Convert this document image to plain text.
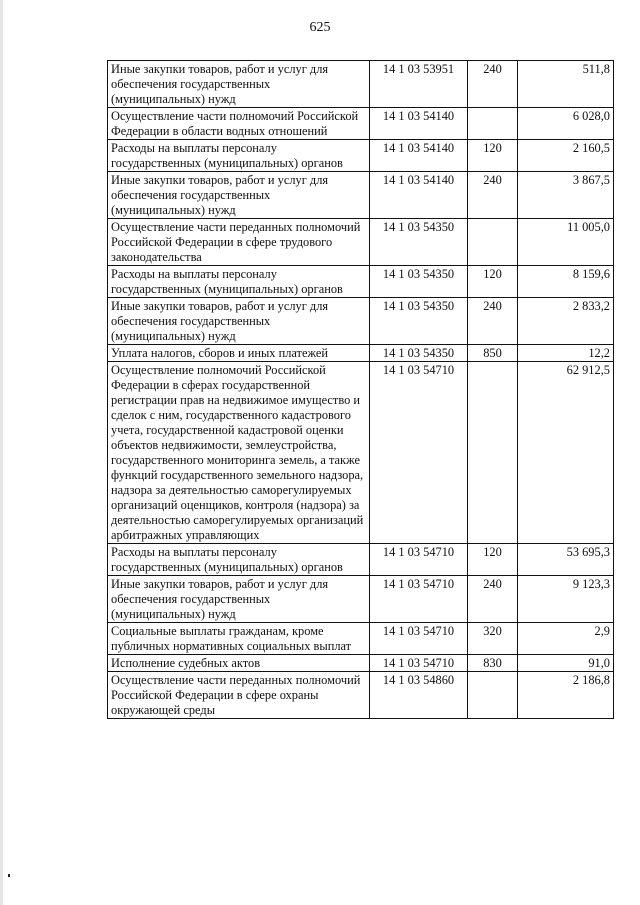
625
Иные закупки товаров, работ и услуг для обеспечения государственных (муниципальных) нужд	14 1 03 53951	240	511,8
Осуществление части полномочий Российской Федерации в области водных отношений	14 1 03 54140		6 028,0
Расходы на выплаты персоналу государственных (муниципальных) органов	14 1 03 54140	120	2 160,5
Иные закупки товаров, работ и услуг для обеспечения государственных (муниципальных) нужд	14 1 03 54140	240	3 867,5
Осуществление части переданных полномочий Российской Федерации в сфере трудового законодательства	14 1 03 54350		11 005,0
Расходы на выплаты персоналу государственных (муниципальных) органов	14 1 03 54350	120	8 159,6
Иные закупки товаров, работ и услуг для обеспечения государственных (муниципальных) нужд	14 1 03 54350	240	2 833,2
Уплата налогов, сборов и иных платежей	14 1 03 54350	850	12,2
Осуществление полномочий Российской Федерации в сферах государственной регистрации прав на недвижимое имущество и сделок с ним, государственного кадастрового учета, государственной кадастровой оценки объектов недвижимости, землеустройства, государственного мониторинга земель, а также функций государственного земельного надзора, надзора за деятельностью саморегулируемых организаций оценщиков, контроля (надзора) за деятельностью саморегулируемых организаций арбитражных управляющих	14 1 03 54710		62 912,5
Расходы на выплаты персоналу государственных (муниципальных) органов	14 1 03 54710	120	53 695,3
Иные закупки товаров, работ и услуг для обеспечения государственных (муниципальных) нужд	14 1 03 54710	240	9 123,3
Социальные выплаты гражданам, кроме публичных нормативных социальных выплат	14 1 03 54710	320	2,9
Исполнение судебных актов	14 1 03 54710	830	91,0
Осуществление части переданных полномочий Российской Федерации в сфере охраны окружающей среды	14 1 03 54860		2 186,8
